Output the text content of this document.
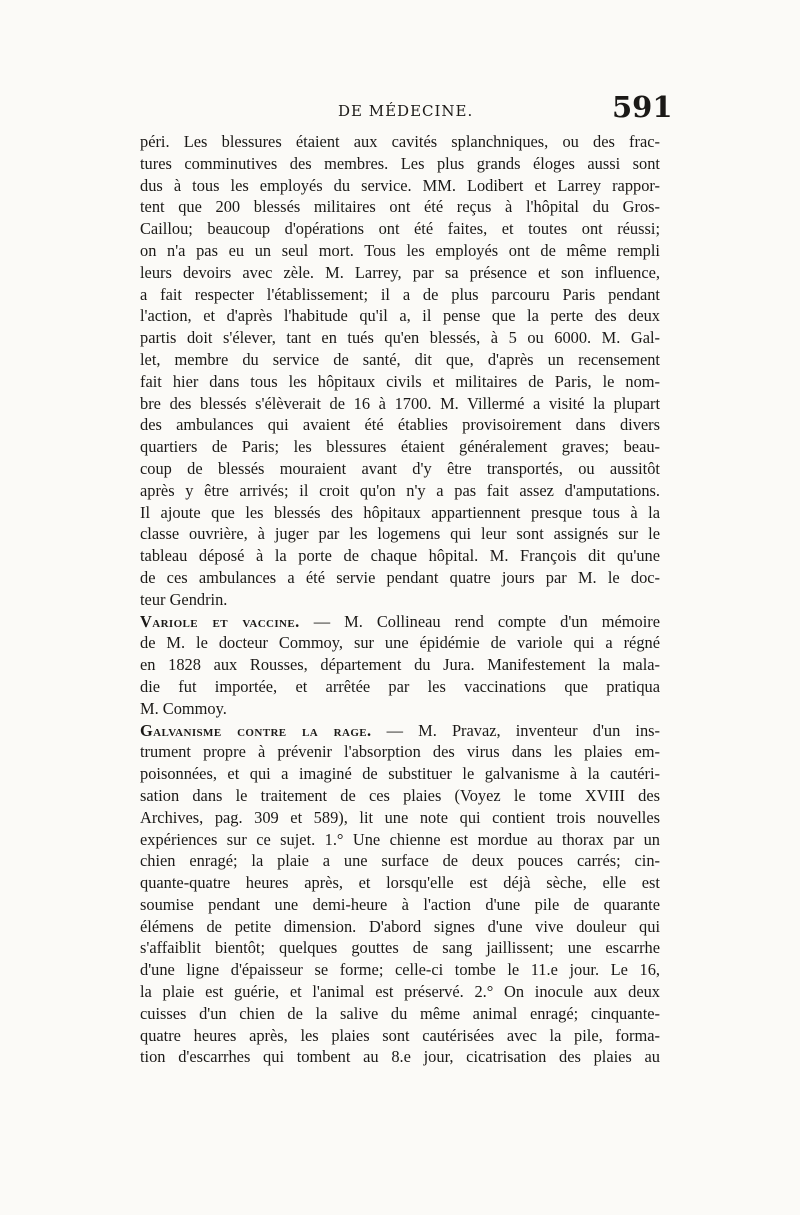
DE MÉDECINE.	591
péri. Les blessures étaient aux cavités splanchniques, ou des frac-
tures comminutives des membres. Les plus grands éloges aussi sont
dus à tous les employés du service. MM. Lodibert et Larrey rappor-
tent que 200 blessés militaires ont été reçus à l'hôpital du Gros-
Caillou; beaucoup d'opérations ont été faites, et toutes ont réussi;
on n'a pas eu un seul mort. Tous les employés ont de même rempli
leurs devoirs avec zèle. M. Larrey, par sa présence et son influence,
a fait respecter l'établissement; il a de plus parcouru Paris pendant
l'action, et d'après l'habitude qu'il a, il pense que la perte des deux
partis doit s'élever, tant en tués qu'en blessés, à 5 ou 6000. M. Gal-
let, membre du service de santé, dit que, d'après un recensement
fait hier dans tous les hôpitaux civils et militaires de Paris, le nom-
bre des blessés s'élèverait de 16 à 1700. M. Villermé a visité la plupart
des ambulances qui avaient été établies provisoirement dans divers
quartiers de Paris; les blessures étaient généralement graves; beau-
coup de blessés mouraient avant d'y être transportés, ou aussitôt
après y être arrivés; il croit qu'on n'y a pas fait assez d'amputations.
Il ajoute que les blessés des hôpitaux appartiennent presque tous à la
classe ouvrière, à juger par les logemens qui leur sont assignés sur le
tableau déposé à la porte de chaque hôpital. M. François dit qu'une
de ces ambulances a été servie pendant quatre jours par M. le doc-
teur Gendrin.
Variole et vaccine. — M. Collineau rend compte d'un mémoire
de M. le docteur Commoy, sur une épidémie de variole qui a régné
en 1828 aux Rousses, département du Jura. Manifestement la mala-
die fut importée, et arrêtée par les vaccinations que pratiqua
M. Commoy.
Galvanisme contre la rage. — M. Pravaz, inventeur d'un ins-
trument propre à prévenir l'absorption des virus dans les plaies em-
poisonnées, et qui a imaginé de substituer le galvanisme à la cautéri-
sation dans le traitement de ces plaies (Voyez le tome XVIII des
Archives, pag. 309 et 589), lit une note qui contient trois nouvelles
expériences sur ce sujet. 1.° Une chienne est mordue au thorax par un
chien enragé; la plaie a une surface de deux pouces carrés; cin-
quante-quatre heures après, et lorsqu'elle est déjà sèche, elle est
soumise pendant une demi-heure à l'action d'une pile de quarante
élémens de petite dimension. D'abord signes d'une vive douleur qui
s'affaiblit bientôt; quelques gouttes de sang jaillissent; une escarrhe
d'une ligne d'épaisseur se forme; celle-ci tombe le 11.e jour. Le 16,
la plaie est guérie, et l'animal est préservé. 2.° On inocule aux deux
cuisses d'un chien de la salive du même animal enragé; cinquante-
quatre heures après, les plaies sont cautérisées avec la pile, forma-
tion d'escarrhes qui tombent au 8.e jour, cicatrisation des plaies au
